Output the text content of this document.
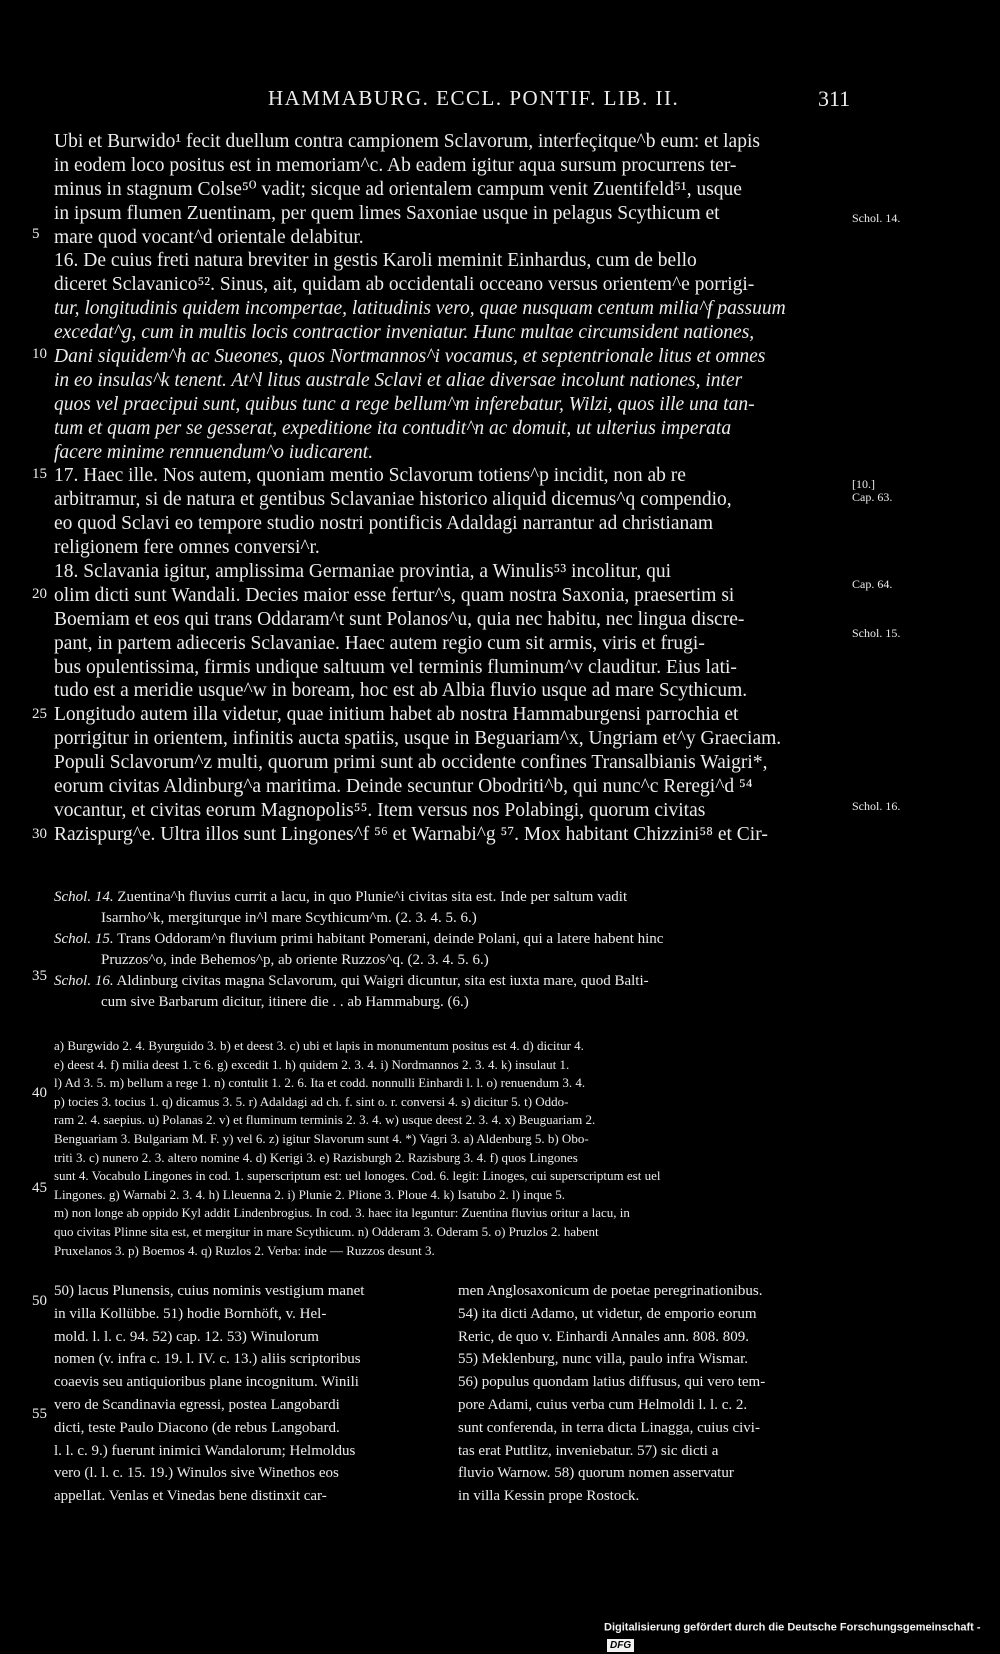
HAMMABURG. ECCL. PONTIF. LIB. II.	311
5
10
15
20
25
30
35
40
45
50
55
Schol. 14.
[10.]
Cap. 63.
Cap. 64.
Schol. 15.
Schol. 16.
Ubi et Burwido¹ fecit duellum contra campionem Sclavorum, interfeçitque^b eum: et lapis
in eodem loco positus est in memoriam^c. Ab eadem igitur aqua sursum procurrens ter-
minus in stagnum Colse⁵⁰ vadit; sicque ad orientalem campum venit Zuentifeld⁵¹, usque
in ipsum flumen Zuentinam, per quem limes Saxoniae usque in pelagus Scythicum et
mare quod vocant^d orientale delabitur.
16. De cuius freti natura breviter in gestis Karoli meminit Einhardus, cum de bello
diceret Sclavanico⁵². Sinus, ait, quidam ab occidentali occeano versus orientem^e porrigi-
tur, longitudinis quidem incompertae, latitudinis vero, quae nusquam centum milia^f passuum
excedat^g, cum in multis locis contractior inveniatur. Hunc multae circumsident nationes,
Dani siquidem^h ac Sueones, quos Nortmannos^i vocamus, et septentrionale litus et omnes
in eo insulas^k tenent. At^l litus australe Sclavi et aliae diversae incolunt nationes, inter
quos vel praecipui sunt, quibus tunc a rege bellum^m inferebatur, Wilzi, quos ille una tan-
tum et quam per se gesserat, expeditione ita contudit^n ac domuit, ut ulterius imperata
facere minime rennuendum^o iudicarent.
17. Haec ille. Nos autem, quoniam mentio Sclavorum totiens^p incidit, non ab re
arbitramur, si de natura et gentibus Sclavaniae historico aliquid dicemus^q compendio,
eo quod Sclavi eo tempore studio nostri pontificis Adaldagi narrantur ad christianam
religionem fere omnes conversi^r.
18. Sclavania igitur, amplissima Germaniae provintia, a Winulis⁵³ incolitur, qui
olim dicti sunt Wandali. Decies maior esse fertur^s, quam nostra Saxonia, praesertim si
Boemiam et eos qui trans Oddaram^t sunt Polanos^u, quia nec habitu, nec lingua discre-
pant, in partem adieceris Sclavaniae. Haec autem regio cum sit armis, viris et frugi-
bus opulentissima, firmis undique saltuum vel terminis fluminum^v clauditur. Eius lati-
tudo est a meridie usque^w in boream, hoc est ab Albia fluvio usque ad mare Scythicum.
Longitudo autem illa videtur, quae initium habet ab nostra Hammaburgensi parrochia et
porrigitur in orientem, infinitis aucta spatiis, usque in Beguariam^x, Ungriam et^y Graeciam.
Populi Sclavorum^z multi, quorum primi sunt ab occidente confines Transalbianis Waigri*,
eorum civitas Aldinburg^a maritima. Deinde secuntur Obodriti^b, qui nunc^c Reregi^d ⁵⁴
vocantur, et civitas eorum Magnopolis⁵⁵. Item versus nos Polabingi, quorum civitas
Razispurg^e. Ultra illos sunt Lingones^f ⁵⁶ et Warnabi^g ⁵⁷. Mox habitant Chizzini⁵⁸ et Cir-
Schol. 14. Zuentina^h fluvius currit a lacu, in quo Plunie^i civitas sita est. Inde per saltum vadit
Isarnho^k, mergiturque in^l mare Scythicum^m. (2. 3. 4. 5. 6.)
Schol. 15. Trans Oddoram^n fluvium primi habitant Pomerani, deinde Polani, qui a latere habent hinc
Pruzzos^o, inde Behemos^p, ab oriente Ruzzos^q. (2. 3. 4. 5. 6.)
Schol. 16. Aldinburg civitas magna Sclavorum, qui Waigri dicuntur, sita est iuxta mare, quod Balti-
cum sive Barbarum dicitur, itinere die . . ab Hammaburg. (6.)
a) Burgwido 2. 4. Byurguido 3. b) et deest 3. c) ubi et lapis in monumentum positus est 4. d) dicitur 4.
e) deest 4. f) milia deest 1. ̄c 6. g) excedit 1. h) quidem 2. 3. 4. i) Nordmannos 2. 3. 4. k) insulaut 1.
l) Ad 3. 5. m) bellum a rege 1. n) contulit 1. 2. 6. Ita et codd. nonnulli Einhardi l. l. o) renuendum 3. 4.
p) tocies 3. tocius 1. q) dicamus 3. 5. r) Adaldagi ad ch. f. sint o. r. conversi 4. s) dicitur 5. t) Oddo-
ram 2. 4. saepius. u) Polanas 2. v) et fluminum terminis 2. 3. 4. w) usque deest 2. 3. 4. x) Beuguariam 2.
Benguariam 3. Bulgariam M. F. y) vel 6. z) igitur Slavorum sunt 4. *) Vagri 3. a) Aldenburg 5. b) Obo-
triti 3. c) nunero 2. 3. altero nomine 4. d) Kerigi 3. e) Razisburgh 2. Razisburg 3. 4. f) quos Lingones
sunt 4. Vocabulo Lingones in cod. 1. superscriptum est: uel lonoges. Cod. 6. legit: Linoges, cui superscriptum est uel
Lingones. g) Warnabi 2. 3. 4. h) Lleuenna 2. i) Plunie 2. Plione 3. Ploue 4. k) Isatubo 2. l) inque 5.
m) non longe ab oppido Kyl addit Lindenbrogius. In cod. 3. haec ita leguntur: Zuentina fluvius oritur a lacu, in
quo civitas Plinne sita est, et mergitur in mare Scythicum. n) Odderam 3. Oderam 5. o) Pruzlos 2. habent
Pruxelanos 3. p) Boemos 4. q) Ruzlos 2. Verba: inde — Ruzzos desunt 3.
50) lacus Plunensis, cuius nominis vestigium manet
in villa Kollübbe. 51) hodie Bornhöft, v. Hel-
mold. l. l. c. 94. 52) cap. 12. 53) Winulorum
nomen (v. infra c. 19. l. IV. c. 13.) aliis scriptoribus
coaevis seu antiquioribus plane incognitum. Winili
vero de Scandinavia egressi, postea Langobardi
dicti, teste Paulo Diacono (de rebus Langobard.
l. l. c. 9.) fuerunt inimici Wandalorum; Helmoldus
vero (l. l. c. 15. 19.) Winulos sive Winethos eos
appellat. Venlas et Vinedas bene distinxit car-
men Anglosaxonicum de poetae peregrinationibus.
54) ita dicti Adamo, ut videtur, de emporio eorum
Reric, de quo v. Einhardi Annales ann. 808. 809.
55) Meklenburg, nunc villa, paulo infra Wismar.
56) populus quondam latius diffusus, qui vero tem-
pore Adami, cuius verba cum Helmoldi l. l. c. 2.
sunt conferenda, in terra dicta Linagga, cuius civi-
tas erat Puttlitz, inveniebatur. 57) sic dicti a
fluvio Warnow. 58) quorum nomen asservatur
in villa Kessin prope Rostock.
Digitalisierung gefördert durch die Deutsche Forschungsgemeinschaft - DFG
